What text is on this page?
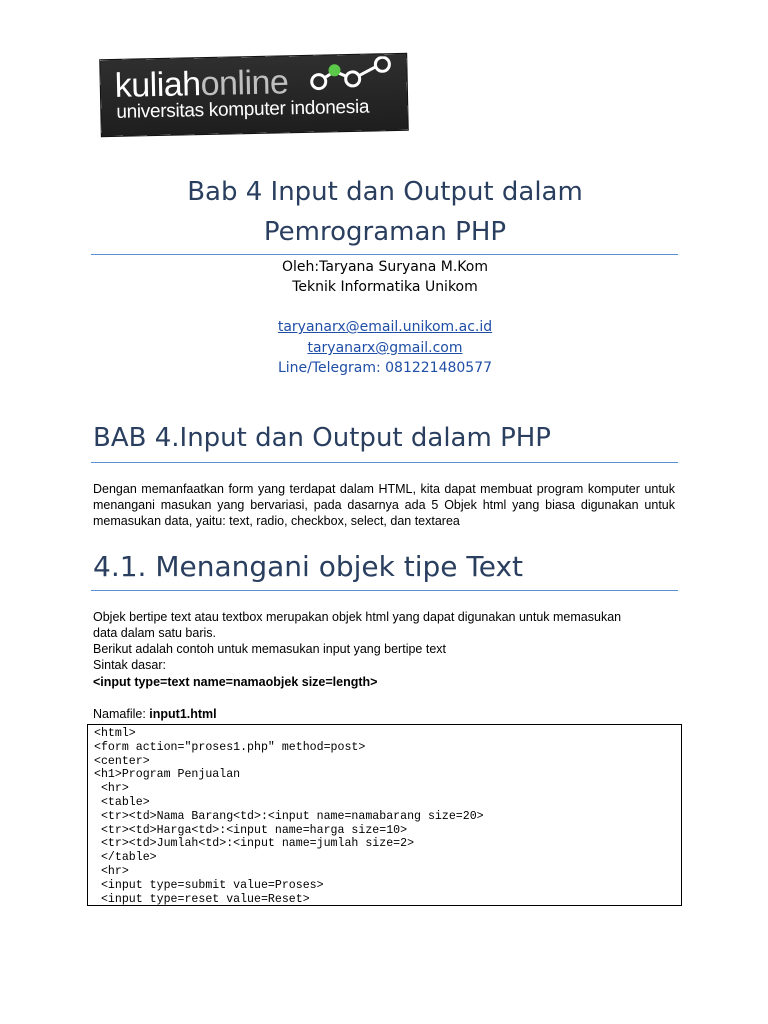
kuliahonline
universitas komputer indonesia
Bab 4 Input dan Output dalam
Pemrograman PHP
Oleh:Taryana Suryana M.Kom
Teknik Informatika Unikom
taryanarx@email.unikom.ac.id
taryanarx@gmail.com
Line/Telegram: 081221480577
BAB 4.Input dan Output dalam PHP

Dengan memanfaatkan form yang terdapat dalam HTML, kita dapat membuat program komputer untuk menangani masukan yang bervariasi, pada dasarnya ada 5 Objek html yang biasa digunakan untuk memasukan data, yaitu: text, radio, checkbox, select, dan textarea

4.1. Menangani objek tipe Text
Objek bertipe text atau textbox merupakan objek html yang dapat digunakan untuk memasukan
data dalam satu baris.
Berikut adalah contoh untuk memasukan input yang bertipe text
Sintak dasar:
<input type=text name=namaobjek size=length>
Namafile: input1.html
<html>
<form action="proses1.php" method=post>
<center>
<h1>Program Penjualan
<hr>
<table>
<tr><td>Nama Barang<td>:<input name=namabarang size=20>
<tr><td>Harga<td>:<input name=harga size=10>
<tr><td>Jumlah<td>:<input name=jumlah size=2>
</table>
<hr>
<input type=submit value=Proses>
<input type=reset value=Reset>
